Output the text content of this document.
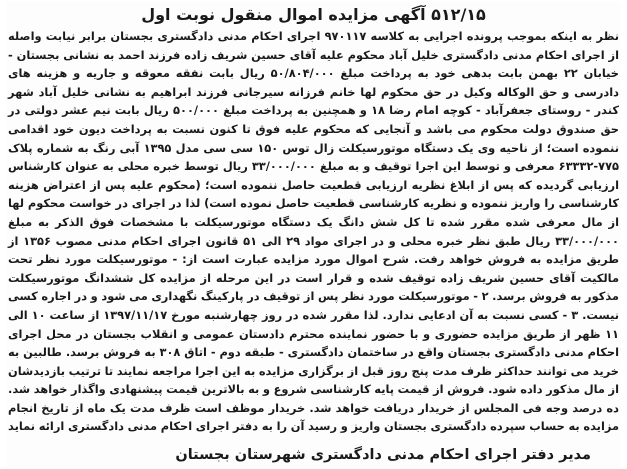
۵۱۲/۱۵ آگهی مزایده اموال منقول نوبت اول
نظر به اینکه بموجب پرونده اجرایی به کلاسه ۹۷۰۱۱۷ اجرای احکام مدنی دادگستری بجستان برابر نیابت واصله از اجرای احکام مدنی دادگستری خلیل آباد محکوم علیه آقای حسین شریف زاده فرزند احمد به نشانی بجستان - خیابان ۲۲ بهمن بابت بدهی خود به پرداخت مبلغ ۵۰/۸۰۴/۰۰۰ ریال بابت نفقه معوقه و جاریه و هزینه های دادرسی و حق الوکاله وکیل در حق محکوم لها خانم فرزانه سیرجانی فرزند ابراهیم به نشانی خلیل آباد شهر کندر - روستای جعفرآباد - کوچه امام رضا ۱۸ و همچنین به پرداخت مبلغ ۵۰۰/۰۰۰ ریال بابت نیم عشر دولتی در حق صندوق دولت محکوم می باشد و آنجایی که محکوم علیه فوق تا کنون نسبت به پرداخت دیون خود اقدامی ننموده است؛ از ناحیه وی یک دستگاه موتورسیکلت زال توس ۱۵۰ سی سی مدل ۱۳۹۵ آبی رنگ به شماره پلاک ۷۷۵-۶۳۳۳۲ معرفی و توسط این اجرا توقیف و به مبلغ ۳۳/۰۰۰/۰۰۰ ریال توسط خبره محلی به عنوان کارشناس ارزیابی گردیده که پس از ابلاغ نظریه ارزیابی قطعیت حاصل ننموده است؛ (محکوم علیه پس از اعتراض هزینه کارشناسی را واریز ننموده و نظریه کارشناسی قطعیت حاصل نموده است) لذا در اجرای در خواست محکوم لها از مال معرفی شده مقرر شده تا کل شش دانگ یک دستگاه موتورسیکلت با مشخصات فوق الذکر به مبلغ ۳۳/۰۰۰/۰۰۰ ریال طبق نظر خبره محلی و در اجرای مواد ۲۹ الی ۵۱ قانون اجرای احکام مدنی مصوب ۱۳۵۶ از طریق مزایده به فروش خواهد رفت. شرح اموال مورد مزایده عبارت است از: - موتورسیکلت مورد نظر تحت مالکیت آقای حسین شریف زاده توقیف شده و قرار است در این مرحله از مزایده کل ششدانگ موتورسیکلت مذکور به فروش برسد. ۲ - موتورسیکلت مورد نظر پس از توقیف در پارکینگ نگهداری می شود و در اجاره کسی نیست. ۳ - کسی نسبت به آن ادعایی ندارد. لذا مقرر شده در روز چهارشنبه مورخ ۱۳۹۷/۱۱/۱۷ از ساعت ۱۰ الی ۱۱ ظهر از طریق مزایده حضوری و با حضور نماینده محترم دادستان عمومی و انقلاب بجستان در محل اجرای احکام مدنی دادگستری بجستان واقع در ساختمان دادگستری - طبقه دوم - اتاق ۳۰۸ به فروش برسد. طالبین به خرید می توانند حداکثر ظرف مدت پنج روز قبل از برگزاری مزایده به این اجرا مراجعه نمایند تا ترتیب بازدیدشان از مال مذکور داده شود. فروش از قیمت پایه کارشناسی شروع و به بالاترین قیمت پیشنهادی واگذار خواهد شد. ده درصد وجه فی المجلس از خریدار دریافت خواهد شد. خریدار موظف است ظرف مدت یک ماه از تاریخ انجام مزایده به حساب سپرده دادگستری بجستان واریز و رسید آن را به دفتر اجرای احکام مدنی دادگستری ارائه نماید
مدیر دفتر اجرای احکام مدنی دادگستری شهرستان بجستان
